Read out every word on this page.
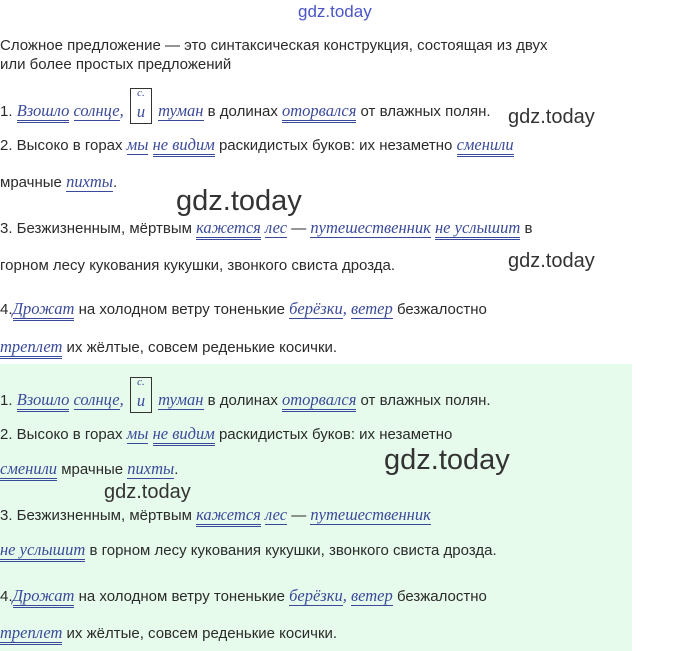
gdz.today
Сложное предложение — это синтаксическая конструкция, состоящая из двух
или более простых предложений
1. Взошло солнце,
с.
и туман в долинах оторвался от влажных полян. gdz.today
2. Высоко в горах мы не видим раскидистых буков: их незаметно сменили
мрачные пихты.
gdz.today
3. Безжизненным, мёртвым кажется лес — путешественник не услышит в
горном лесу кукования кукушки, звонкого свиста дрозда.	gdz.today
4.Дрожат на холодном ветру тоненькие берёзки, ветер безжалостно
треплет их жёлтые, совсем реденькие косички.
1. Взошло солнце,
с.
и туман в долинах оторвался от влажных полян.
2. Высоко в горах мы не видим раскидистых буков: их незаметно
сменили мрачные пихты.	gdz.today
gdz.today
3. Безжизненным, мёртвым кажется лес — путешественник
не услышит в горном лесу кукования кукушки, звонкого свиста дрозда.
4.Дрожат на холодном ветру тоненькие берёзки, ветер безжалостно
треплет их жёлтые, совсем реденькие косички.
